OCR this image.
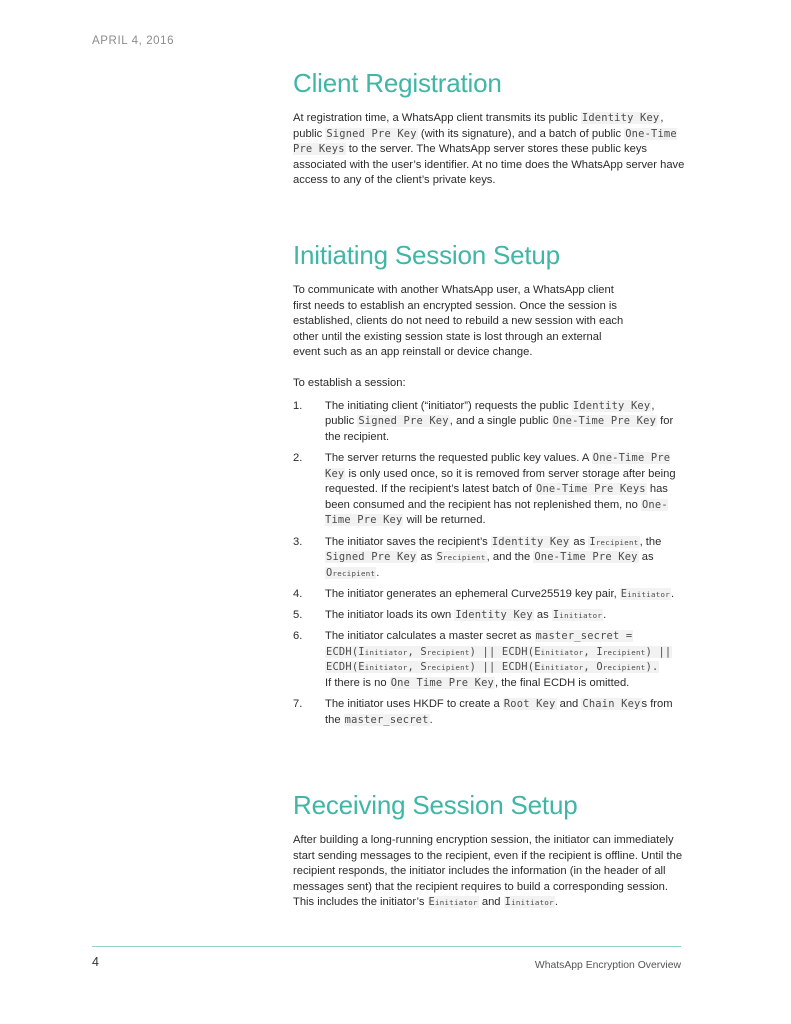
APRIL 4, 2016
Client Registration

At registration time, a WhatsApp client transmits its public Identity Key, public Signed Pre Key (with its signature), and a batch of public One-Time Pre Keys to the server. The WhatsApp server stores these public keys associated with the user’s identifier. At no time does the WhatsApp server have access to any of the client’s private keys.

Initiating Session Setup

To communicate with another WhatsApp user, a WhatsApp client first needs to establish an encrypted session. Once the session is established, clients do not need to rebuild a new session with each other until the existing session state is lost through an external event such as an app reinstall or device change.

To establish a session:

1. The initiating client (“initiator”) requests the public Identity Key, public Signed Pre Key, and a single public One-Time Pre Key for the recipient.
2. The server returns the requested public key values. A One-Time Pre Key is only used once, so it is removed from server storage after being requested. If the recipient’s latest batch of One-Time Pre Keys has been consumed and the recipient has not replenished them, no One-Time Pre Key will be returned.
3. The initiator saves the recipient’s Identity Key as Irecipient, the Signed Pre Key as Srecipient, and the One-Time Pre Key as Orecipient.
4. The initiator generates an ephemeral Curve25519 key pair, Einitiator.
5. The initiator loads its own Identity Key as Iinitiator.
6. The initiator calculates a master secret as master_secret =
ECDH(Iinitiator, Srecipient) || ECDH(Einitiator, Irecipient) ||
ECDH(Einitiator, Srecipient) || ECDH(Einitiator, Orecipient).
If there is no One Time Pre Key, the final ECDH is omitted.
7. The initiator uses HKDF to create a Root Key and Chain Keys from the master_secret.
Receiving Session Setup

After building a long-running encryption session, the initiator can immediately start sending messages to the recipient, even if the recipient is offline. Until the recipient responds, the initiator includes the information (in the header of all messages sent) that the recipient requires to build a corresponding session. This includes the initiator’s Einitiator and Iinitiator.

4	WhatsApp Encryption Overview
